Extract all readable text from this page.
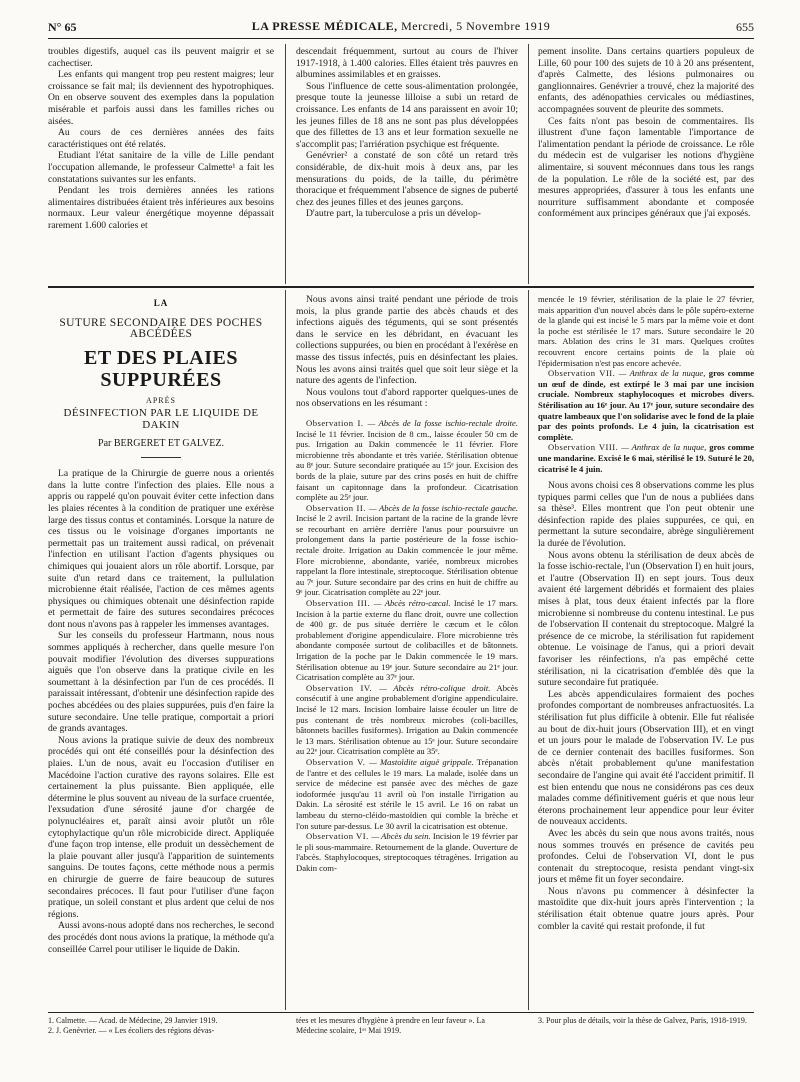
N° 65	LA PRESSE MÉDICALE, Mercredi, 5 Novembre 1919	655

troubles digestifs, auquel cas ils peuvent maigrir et se cachectiser.

Les enfants qui mangent trop peu restent maigres; leur croissance se fait mal; ils deviennent des hypotrophiques. On en observe souvent des exemples dans la population misérable et parfois aussi dans les familles riches ou aisées.

Au cours de ces dernières années des faits caractéristiques ont été relatés.

Etudiant l'état sanitaire de la ville de Lille pendant l'occupation allemande, le professeur Calmette¹ a fait les constatations suivantes sur les enfants.

Pendant les trois dernières années les rations alimentaires distribuées étaient très inférieures aux besoins normaux. Leur valeur énergétique moyenne dépassait rarement 1.600 calories et

descendait fréquemment, surtout au cours de l'hiver 1917-1918, à 1.400 calories. Elles étaient très pauvres en albumines assimilables et en graisses.

Sous l'influence de cette sous-alimentation prolongée, presque toute la jeunesse lilloise a subi un retard de croissance. Les enfants de 14 ans paraissent en avoir 10; les jeunes filles de 18 ans ne sont pas plus développées que des fillettes de 13 ans et leur formation sexuelle ne s'accomplit pas; l'arriération psychique est fréquente.

Genévrier² a constaté de son côté un retard très considérable, de dix-huit mois à deux ans, par les mensurations du poids, de la taille, du périmètre thoracique et fréquemment l'absence de signes de puberté chez des jeunes filles et des jeunes garçons.

D'autre part, la tuberculose a pris un dévelop-

pement insolite. Dans certains quartiers populeux de Lille, 60 pour 100 des sujets de 10 à 20 ans présentent, d'après Calmette, des lésions pulmonaires ou ganglionnaires. Genévrier a trouvé, chez la majorité des enfants, des adénopathies cervicales ou médiastines, accompagnées souvent de pleurite des sommets.

Ces faits n'ont pas besoin de commentaires. Ils illustrent d'une façon lamentable l'importance de l'alimentation pendant la période de croissance. Le rôle du médecin est de vulgariser les notions d'hygiène alimentaire, si souvent méconnues dans tous les rangs de la population. Le rôle de la société est, par des mesures appropriées, d'assurer à tous les enfants une nourriture suffisamment abondante et composée conformément aux principes généraux que j'ai exposés.

LA
SUTURE SECONDAIRE DES POCHES ABCÉDÉES
ET DES PLAIES SUPPURÉES
APRÈS
DÉSINFECTION PAR LE LIQUIDE DE DAKIN
Par BERGERET ET GALVEZ.

La pratique de la Chirurgie de guerre nous a orientés dans la lutte contre l'infection des plaies. Elle nous a appris ou rappelé qu'on pouvait éviter cette infection dans les plaies récentes à la condition de pratiquer une exérèse large des tissus contus et contaminés. Lorsque la nature de ces tissus ou le voisinage d'organes importants ne permettait pas un traitement aussi radical, on prévenait l'infection en utilisant l'action d'agents physiques ou chimiques qui jouaient alors un rôle abortif. Lorsque, par suite d'un retard dans ce traitement, la pullulation microbienne était réalisée, l'action de ces mêmes agents physiques ou chimiques obtenait une désinfection rapide et permettait de faire des sutures secondaires précoces dont nous n'avons pas à rappeler les immenses avantages.

Sur les conseils du professeur Hartmann, nous nous sommes appliqués à rechercher, dans quelle mesure l'on pouvait modifier l'évolution des diverses suppurations aiguës que l'on observe dans la pratique civile en les soumettant à la désinfection par l'un de ces procédés. Il paraissait intéressant, d'obtenir une désinfection rapide des poches abcédées ou des plaies suppurées, puis d'en faire la suture secondaire. Une telle pratique, comportait a priori de grands avantages.

Nous avions la pratique suivie de deux des nombreux procédés qui ont été conseillés pour la désinfection des plaies. L'un de nous, avait eu l'occasion d'utiliser en Macédoine l'action curative des rayons solaires. Elle est certainement la plus puissante. Bien appliquée, elle détermine le plus souvent au niveau de la surface cruentée, l'exsudation d'une sérosité jaune d'or chargée de polynucléaires et, paraît ainsi avoir plutôt un rôle cytophylactique qu'un rôle microbicide direct. Appliquée d'une façon trop intense, elle produit un dessèchement de la plaie pouvant aller jusqu'à l'apparition de suintements sanguins. De toutes façons, cette méthode nous a permis en chirurgie de guerre de faire beaucoup de sutures secondaires précoces. Il faut pour l'utiliser d'une façon pratique, un soleil constant et plus ardent que celui de nos régions.

Aussi avons-nous adopté dans nos recherches, le second des procédés dont nous avions la pratique, la méthode qu'a conseillée Carrel pour utiliser le liquide de Dakin.

Nous avons ainsi traité pendant une période de trois mois, la plus grande partie des abcès chauds et des infections aiguës des téguments, qui se sont présentés dans le service en les débridant, en évacuant les collections suppurées, ou bien en procédant à l'exérèse en masse des tissus infectés, puis en désinfectant les plaies. Nous les avons ainsi traités quel que soit leur siège et la nature des agents de l'infection.

Nous voulons tout d'abord rapporter quelques-unes de nos observations en les résumant :

Observation I. — Abcès de la fosse ischio-rectale droite. Incisé le 11 février. Incision de 8 cm., laisse écouler 50 cm de pus. Irrigation au Dakin commencée le 11 février. Flore microbienne très abondante et très variée. Stérilisation obtenue au 8ᵉ jour. Suture secondaire pratiquée au 15ᵉ jour. Excision des bords de la plaie, suture par des crins posés en huit de chiffre faisant un capitonnage dans la profondeur. Cicatrisation complète au 25ᵉ jour.

Observation II. — Abcès de la fosse ischio-rectale gauche. Incisé le 2 avril. Incision partant de la racine de la grande lèvre se recourbant en arrière derrière l'anus pour poursuivre un prolongement dans la partie postérieure de la fosse ischio-rectale droite. Irrigation au Dakin commencée le jour même. Flore microbienne, abondante, variée, nombreux microbes rappelant la flore intestinale, streptocoque. Stérilisation obtenue au 7ᵉ jour. Suture secondaire par des crins en huit de chiffre au 9ᵉ jour. Cicatrisation complète au 22ᵉ jour.

Observation III. — Abcès rétro-cæcal. Incisé le 17 mars. Incision à la partie externe du flanc droit, ouvre une collection de 400 gr. de pus située derrière le cæcum et le côlon probablement d'origine appendiculaire. Flore microbienne très abondante composée surtout de colibacilles et de bâtonnets. Irrigation de la poche par le Dakin commencée le 19 mars. Stérilisation obtenue au 19ᵉ jour. Suture secondaire au 21ᵉ jour. Cicatrisation complète au 37ᵉ jour.

Observation IV. — Abcès rétro-colique droit. Abcès consécutif à une angine probablement d'origine appendiculaire. Incisé le 12 mars. Incision lombaire laisse écouler un litre de pus contenant de très nombreux microbes (coli-bacilles, bâtonnets bacilles fusiformes). Irrigation au Dakin commencée le 13 mars. Stérilisation obtenue au 15ᵉ jour. Suture secondaire au 22ᵉ jour. Cicatrisation complète au 35ᵉ.

Observation V. — Mastoïdite aiguë grippale. Trépanation de l'antre et des cellules le 19 mars. La malade, isolée dans un service de médecine est pansée avec des mèches de gaze iodoformée jusqu'au 11 avril où l'on installe l'irrigation au Dakin. La sérosité est stérile le 15 avril. Le 16 on rabat un lambeau du sterno-cléido-mastoïdien qui comble la brèche et l'on suture par-dessus. Le 30 avril la cicatrisation est obtenue.

Observation VI. — Abcès du sein. Incision le 19 février par le pli sous-mammaire. Retournement de la glande. Ouverture de l'abcès. Staphylocoques, streptocoques tétragènes. Irrigation au Dakin com-

mencée le 19 février, stérilisation de la plaie le 27 février, mais apparition d'un nouvel abcès dans le pôle supéro-externe de la glande qui est incisé le 5 mars par la même voie et dont la poche est stérilisée le 17 mars. Suture secondaire le 20 mars. Ablation des crins le 31 mars. Quelques croûtes recouvrent encore certains points de la plaie où l'épidermisation n'est pas encore achevée.

Observation VII. — Anthrax de la nuque, gros comme un œuf de dinde, est extirpé le 3 mai par une incision cruciale. Nombreux staphylocoques et microbes divers. Stérilisation au 16ᵉ jour. Au 17ᵉ jour, suture secondaire des quatre lambeaux que l'on solidarise avec le fond de la plaie par des points profonds. Le 4 juin, la cicatrisation est complète.

Observation VIII. — Anthrax de la nuque, gros comme une mandarine. Excisé le 6 mai, stérilisé le 19. Suturé le 20, cicatrisé le 4 juin.

Nous avons choisi ces 8 observations comme les plus typiques parmi celles que l'un de nous a publiées dans sa thèse³. Elles montrent que l'on peut obtenir une désinfection rapide des plaies suppurées, ce qui, en permettant la suture secondaire, abrège singulièrement la durée de l'évolution.

Nous avons obtenu la stérilisation de deux abcès de la fosse ischio-rectale, l'un (Observation I) en huit jours, et l'autre (Observation II) en sept jours. Tous deux avaient été largement débridés et formaient des plaies mises à plat, tous deux étaient infectés par la flore microbienne si nombreuse du contenu intestinal. Le pus de l'observation II contenait du streptocoque. Malgré la présence de ce microbe, la stérilisation fut rapidement obtenue. Le voisinage de l'anus, qui a priori devait favoriser les réinfections, n'a pas empêché cette stérilisation, ni la cicatrisation d'emblée dès que la suture secondaire fut pratiquée.

Les abcès appendiculaires formaient des poches profondes comportant de nombreuses anfractuosités. La stérilisation fut plus difficile à obtenir. Elle fut réalisée au bout de dix-huit jours (Observation III), et en vingt et un jours pour le malade de l'observation IV. Le pus de ce dernier contenait des bacilles fusiformes. Son abcès n'était probablement qu'une manifestation secondaire de l'angine qui avait été l'accident primitif. Il est bien entendu que nous ne considérons pas ces deux malades comme définitivement guéris et que nous leur éterons prochainement leur appendice pour leur éviter de nouveaux accidents.

Avec les abcès du sein que nous avons traités, nous nous sommes trouvés en présence de cavités peu profondes. Celui de l'observation VI, dont le pus contenait du streptocoque, resista pendant vingt-six jours et même fit un foyer secondaire.

Nous n'avons pu commencer à désinfecter la mastoïdite que dix-huit jours après l'intervention ; la stérilisation était obtenue quatre jours après. Pour combler la cavité qui restait profonde, il fut

1. Calmette. — Acad. de Médecine, 29 Janvier 1919.
2. J. Genévrier. — « Les écoliers des régions dévas-
tées et les mesures d'hygiène à prendre en leur faveur ». La Médecine scolaire, 1ᵉʳ Mai 1919.
3. Pour plus de détails, voir la thèse de Galvez, Paris, 1918-1919.
